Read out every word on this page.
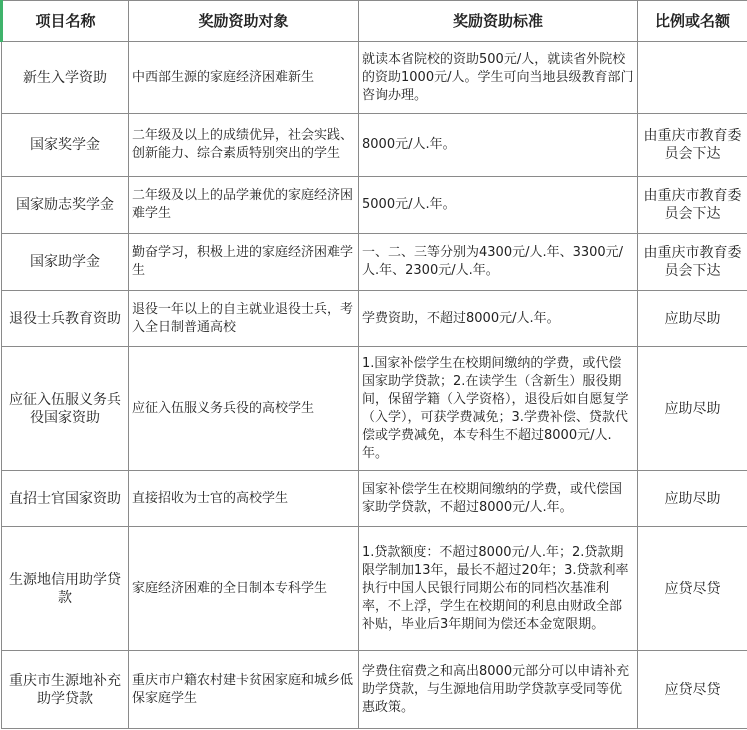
项目名称	奖励资助对象	奖励资助标准	比例或名额
新生入学资助	中西部生源的家庭经济困难新生	就读本省院校的资助500元/人，就读省外院校的资助1000元/人。学生可向当地县级教育部门咨询办理。	
国家奖学金	二年级及以上的成绩优异，社会实践、创新能力、综合素质特别突出的学生	8000元/人.年。	由重庆市教育委员会下达
国家励志奖学金	二年级及以上的品学兼优的家庭经济困难学生	5000元/人.年。	由重庆市教育委员会下达
国家助学金	勤奋学习，积极上进的家庭经济困难学生	一、二、三等分别为4300元/人.年、3300元/人.年、2300元/人.年。	由重庆市教育委员会下达
退役士兵教育资助	退役一年以上的自主就业退役士兵，考入全日制普通高校	学费资助，不超过8000元/人.年。	应助尽助
应征入伍服义务兵役国家资助	应征入伍服义务兵役的高校学生	1.国家补偿学生在校期间缴纳的学费，或代偿国家助学贷款；2.在读学生（含新生）服役期间，保留学籍（入学资格），退役后如自愿复学（入学），可获学费减免；3.学费补偿、贷款代偿或学费减免，本专科生不超过8000元/人.年。	应助尽助
直招士官国家资助	直接招收为士官的高校学生	国家补偿学生在校期间缴纳的学费，或代偿国家助学贷款，不超过8000元/人.年。	应助尽助
生源地信用助学贷款	家庭经济困难的全日制本专科学生	1.贷款额度：不超过8000元/人.年；2.贷款期限学制加13年，最长不超过20年；3.贷款利率执行中国人民银行同期公布的同档次基准利率，不上浮，学生在校期间的利息由财政全部补贴，毕业后3年期间为偿还本金宽限期。	应贷尽贷
重庆市生源地补充助学贷款	重庆市户籍农村建卡贫困家庭和城乡低保家庭学生	学费住宿费之和高出8000元部分可以申请补充助学贷款，与生源地信用助学贷款享受同等优惠政策。	应贷尽贷
